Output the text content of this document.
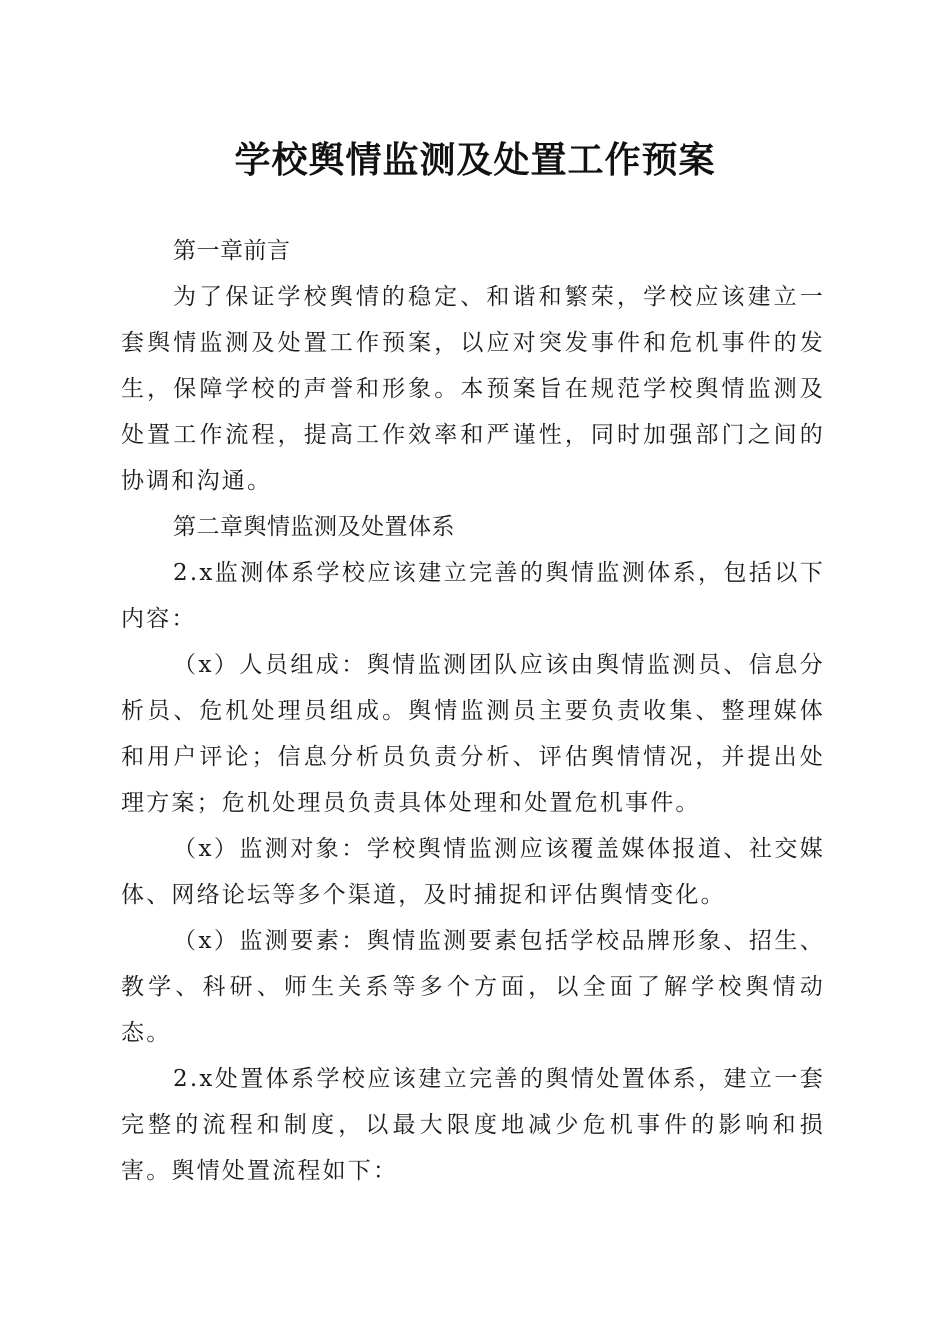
学校舆情监测及处置工作预案

第一章前言

为了保证学校舆情的稳定、和谐和繁荣，学校应该建立一套舆情监测及处置工作预案，以应对突发事件和危机事件的发生，保障学校的声誉和形象。本预案旨在规范学校舆情监测及处置工作流程，提高工作效率和严谨性，同时加强部门之间的协调和沟通。

第二章舆情监测及处置体系

2.x监测体系学校应该建立完善的舆情监测体系，包括以下内容：

（x）人员组成：舆情监测团队应该由舆情监测员、信息分析员、危机处理员组成。舆情监测员主要负责收集、整理媒体和用户评论；信息分析员负责分析、评估舆情情况，并提出处理方案；危机处理员负责具体处理和处置危机事件。

（x）监测对象：学校舆情监测应该覆盖媒体报道、社交媒体、网络论坛等多个渠道，及时捕捉和评估舆情变化。

（x）监测要素：舆情监测要素包括学校品牌形象、招生、教学、科研、师生关系等多个方面，以全面了解学校舆情动态。

2.x处置体系学校应该建立完善的舆情处置体系，建立一套完整的流程和制度，以最大限度地减少危机事件的影响和损害。舆情处置流程如下：
